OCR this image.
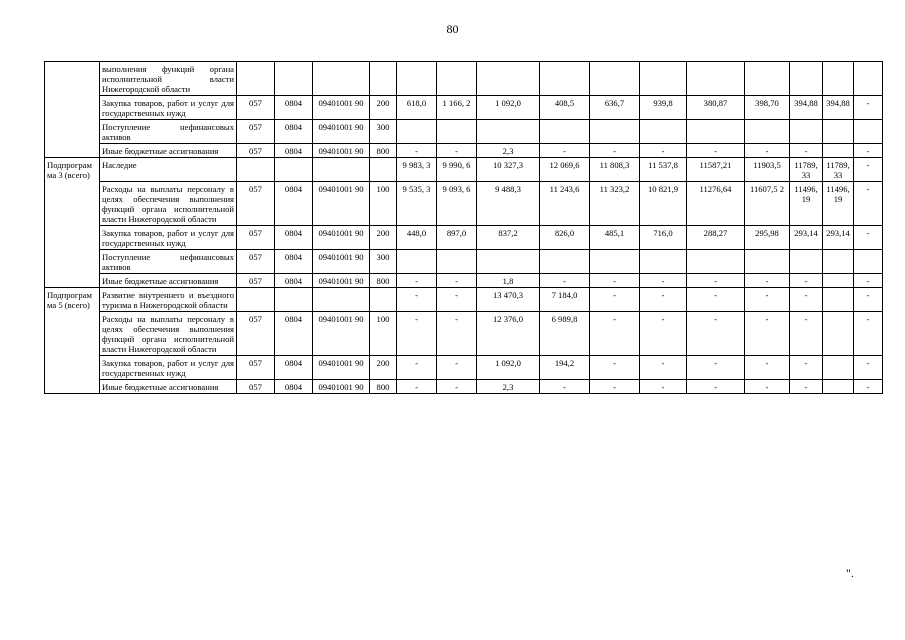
80
	выполнения функций органа исполнительной власти Нижегородской области																
	Закупка товаров, работ и услуг для государственных нужд	057	0804	09401001 90	200	618,0	1 166, 2	1 092,0	408,5	636,7	939,8	380,87	398,70	394,88	394,88	-	
	Поступление нефинансовых активов	057	0804	09401001 90	300												
	Иные бюджетные ассигнования	057	0804	09401001 90	800	-	-	2,3	-	-	-	-	-	-		-	
Подпрограмма 3 (всего)	Наследие					9 983, 3	9 990, 6	10 327,3	12 069,6	11 808,3	11 537,8	11587,21	11903,5	11789, 33	11789, 33	-	
	Расходы на выплаты персоналу в целях обеспечения выполнения функций органа исполнительной власти Нижегородской области	057	0804	09401001 90	100	9 535, 3	9 093, 6	9 488,3	11 243,6	11 323,2	10 821,9	11276,64	11607,5 2	11496, 19	11496, 19	-	
	Закупка товаров, работ и услуг для государственных нужд	057	0804	09401001 90	200	448,0	897,0	837,2	826,0	485,1	716,0	288,27	295,98	293,14	293,14	-	
	Поступление нефинансовых активов	057	0804	09401001 90	300												
	Иные бюджетные ассигнования	057	0804	09401001 90	800	-	-	1,8	-	-	-	-	-	-		-	
Подпрограмма 5 (всего)	Развитие внутреннего и въездного туризма в Нижегородской области					-	-	13 470,3	7 184,0	-	-	-	-	-		-	
	Расходы на выплаты персоналу в целях обеспечения выполнения функций органа исполнительной власти Нижегородской области	057	0804	09401001 90	100	-	-	12 376,0	6 989,8	-	-	-	-	-		-	
	Закупка товаров, работ и услуг для государственных нужд	057	0804	09401001 90	200	-	-	1 092,0	194,2	-	-	-	-	-		-	
	Иные бюджетные ассигнования	057	0804	09401001 90	800	-	-	2,3	-	-	-	-	-	-		-	
".
